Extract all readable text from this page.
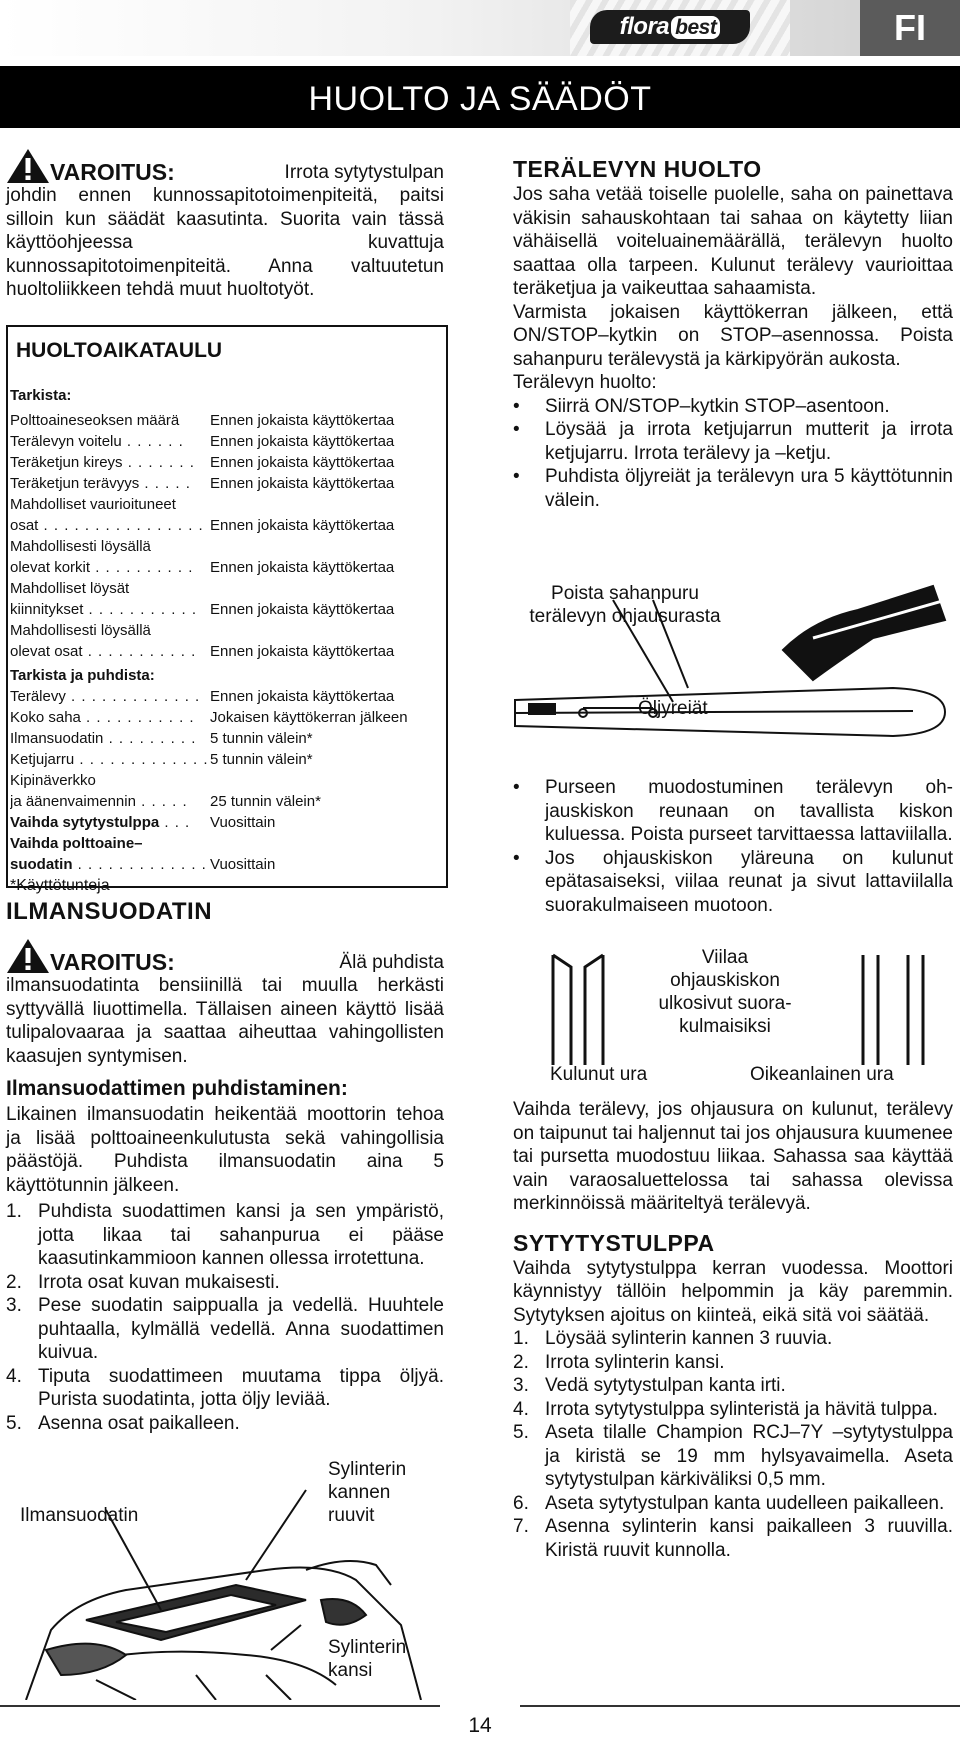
flora best	FI
HUOLTO JA SÄÄDÖT
VAROITUS:	Irrota sytytystulpan
johdin ennen kunnossapitotoimenpiteitä, paitsi silloin kun säädät kaasutinta. Suorita vain tässä käyttöohjeessa kuvattuja kunnossapitotoimenpiteitä. Anna valtuutetun huoltoliikkeen tehdä muut huoltotyöt.
HUOLTOAIKATAULU
Tarkista:
Polttoaineseoksen määrä	Ennen jokaista käyttökertaa
Terälevyn voitelu . . . . . .	Ennen jokaista käyttökertaa
Teräketjun kireys . . . . . . .	Ennen jokaista käyttökertaa
Teräketjun terävyys . . . . .	Ennen jokaista käyttökertaa
Mahdolliset vaurioituneet
osat . . . . . . . . . . . . . . . . Ennen jokaista käyttökertaa
Mahdollisesti löysällä
olevat korkit . . . . . . . . . .	Ennen jokaista käyttökertaa
Mahdolliset löysät
kiinnitykset . . . . . . . . . . . Ennen jokaista käyttökertaa
Mahdollisesti löysällä
olevat osat . . . . . . . . . . . Ennen jokaista käyttökertaa
Tarkista ja puhdista:
Terälevy . . . . . . . . . . . . . Ennen jokaista käyttökertaa
Koko saha . . . . . . . . . . .	Jokaisen käyttökerran jälkeen
Ilmansuodatin . . . . . . . . . 5 tunnin välein*
Ketjujarru . . . . . . . . . . . . . 5 tunnin välein*
Kipinäverkko
ja äänenvaimennin . . . . .	25 tunnin välein*
Vaihda sytytystulppa . . .	Vuosittain
Vaihda polttoaine–
suodatin . . . . . . . . . . . . . Vuosittain
*Käyttötunteja
ILMANSUODATIN
VAROITUS:	Älä puhdista
ilmansuodatinta bensiinillä tai muulla herkästi syttyvällä liuottimella. Tällaisen aineen käyttö lisää tulipalovaaraa ja saattaa aiheuttaa vahingollisten kaasujen syntymisen.
Ilmansuodattimen puhdistaminen:
Likainen ilmansuodatin heikentää moottorin tehoa ja lisää polttoaineenkulutusta sekä vahingollisia päästöjä. Puhdista ilmansuodatin aina 5 käyttötunnin jälkeen.
1. Puhdista suodattimen kansi ja sen ympäristö, jotta likaa tai sahanpurua ei pääse kaasutinkammioon kannen ollessa irrotettuna.
2. Irrota osat kuvan mukaisesti.
3. Pese suodatin saippualla ja vedellä. Huuhtele puhtaalla, kylmällä vedellä. Anna suodattimen kuivua.
4. Tiputa suodattimeen muutama tippa öljyä. Purista suodatinta, jotta öljy leviää.
5. Asenna osat paikalleen.
Ilmansuodatin
Sylinterin kannen ruuvit
Sylinterin kansi
TERÄLEVYN HUOLTO
Jos saha vetää toiselle puolelle, saha on painettava väkisin sahauskohtaan tai sahaa on käytetty liian vähäisellä voiteluainemäärällä, terälevyn huolto saattaa olla tarpeen. Kulunut terälevy vaurioittaa teräketjua ja vaikeuttaa sahaamista.
Varmista jokaisen käyttökerran jälkeen, että ON/STOP–kytkin on STOP–asennossa. Poista sahanpuru terälevystä ja kärkipyörän aukosta.
Terälevyn huolto:
• Siirrä ON/STOP–kytkin STOP–asentoon.
• Löysää ja irrota ketjujarrun mutterit ja irrota ketjujarru. Irrota terälevy ja –ketju.
• Puhdista öljyreiät ja terälevyn ura 5 käyttötunnin välein.
Poista sahanpuru terälevyn ohjausurasta
Öljyreiät
• Purseen muodostuminen terälevyn ohjauskiskon reunaan on tavallista kiskon kuluessa. Poista purseet tarvittaessa lattaviilalla.
• Jos ohjauskiskon yläreuna on kulunut epätasaiseksi, viilaa reunat ja sivut lattaviilalla suorakulmaiseen muotoon.
Viilaa ohjauskiskon ulkosivut suorakulmaisiksi
Kulunut ura	Oikeanlainen ura
Vaihda terälevy, jos ohjausura on kulunut, terälevy on taipunut tai haljennut tai jos ohjausura kuumenee tai pursetta muodostuu liikaa. Sahassa saa käyttää vain varaosaluettelossa tai sahassa olevissa merkinnöissä määriteltyä terälevyä.
SYTYTYSTULPPA
Vaihda sytytystulppa kerran vuodessa. Moottori käynnistyy tällöin helpommin ja käy paremmin. Sytytyksen ajoitus on kiinteä, eikä sitä voi säätää.
1. Löysää sylinterin kannen 3 ruuvia.
2. Irrota sylinterin kansi.
3. Vedä sytytystulpan kanta irti.
4. Irrota sytytystulppa sylinteristä ja hävitä tulppa.
5. Aseta tilalle Champion RCJ–7Y –sytytystulppa ja kiristä se 19 mm hylsyavaimella. Aseta sytytystulpan kärkiväliksi 0,5 mm.
6. Aseta sytytystulpan kanta uudelleen paikalleen.
7. Asenna sylinterin kansi paikalleen 3 ruuvilla. Kiristä ruuvit kunnolla.
14
